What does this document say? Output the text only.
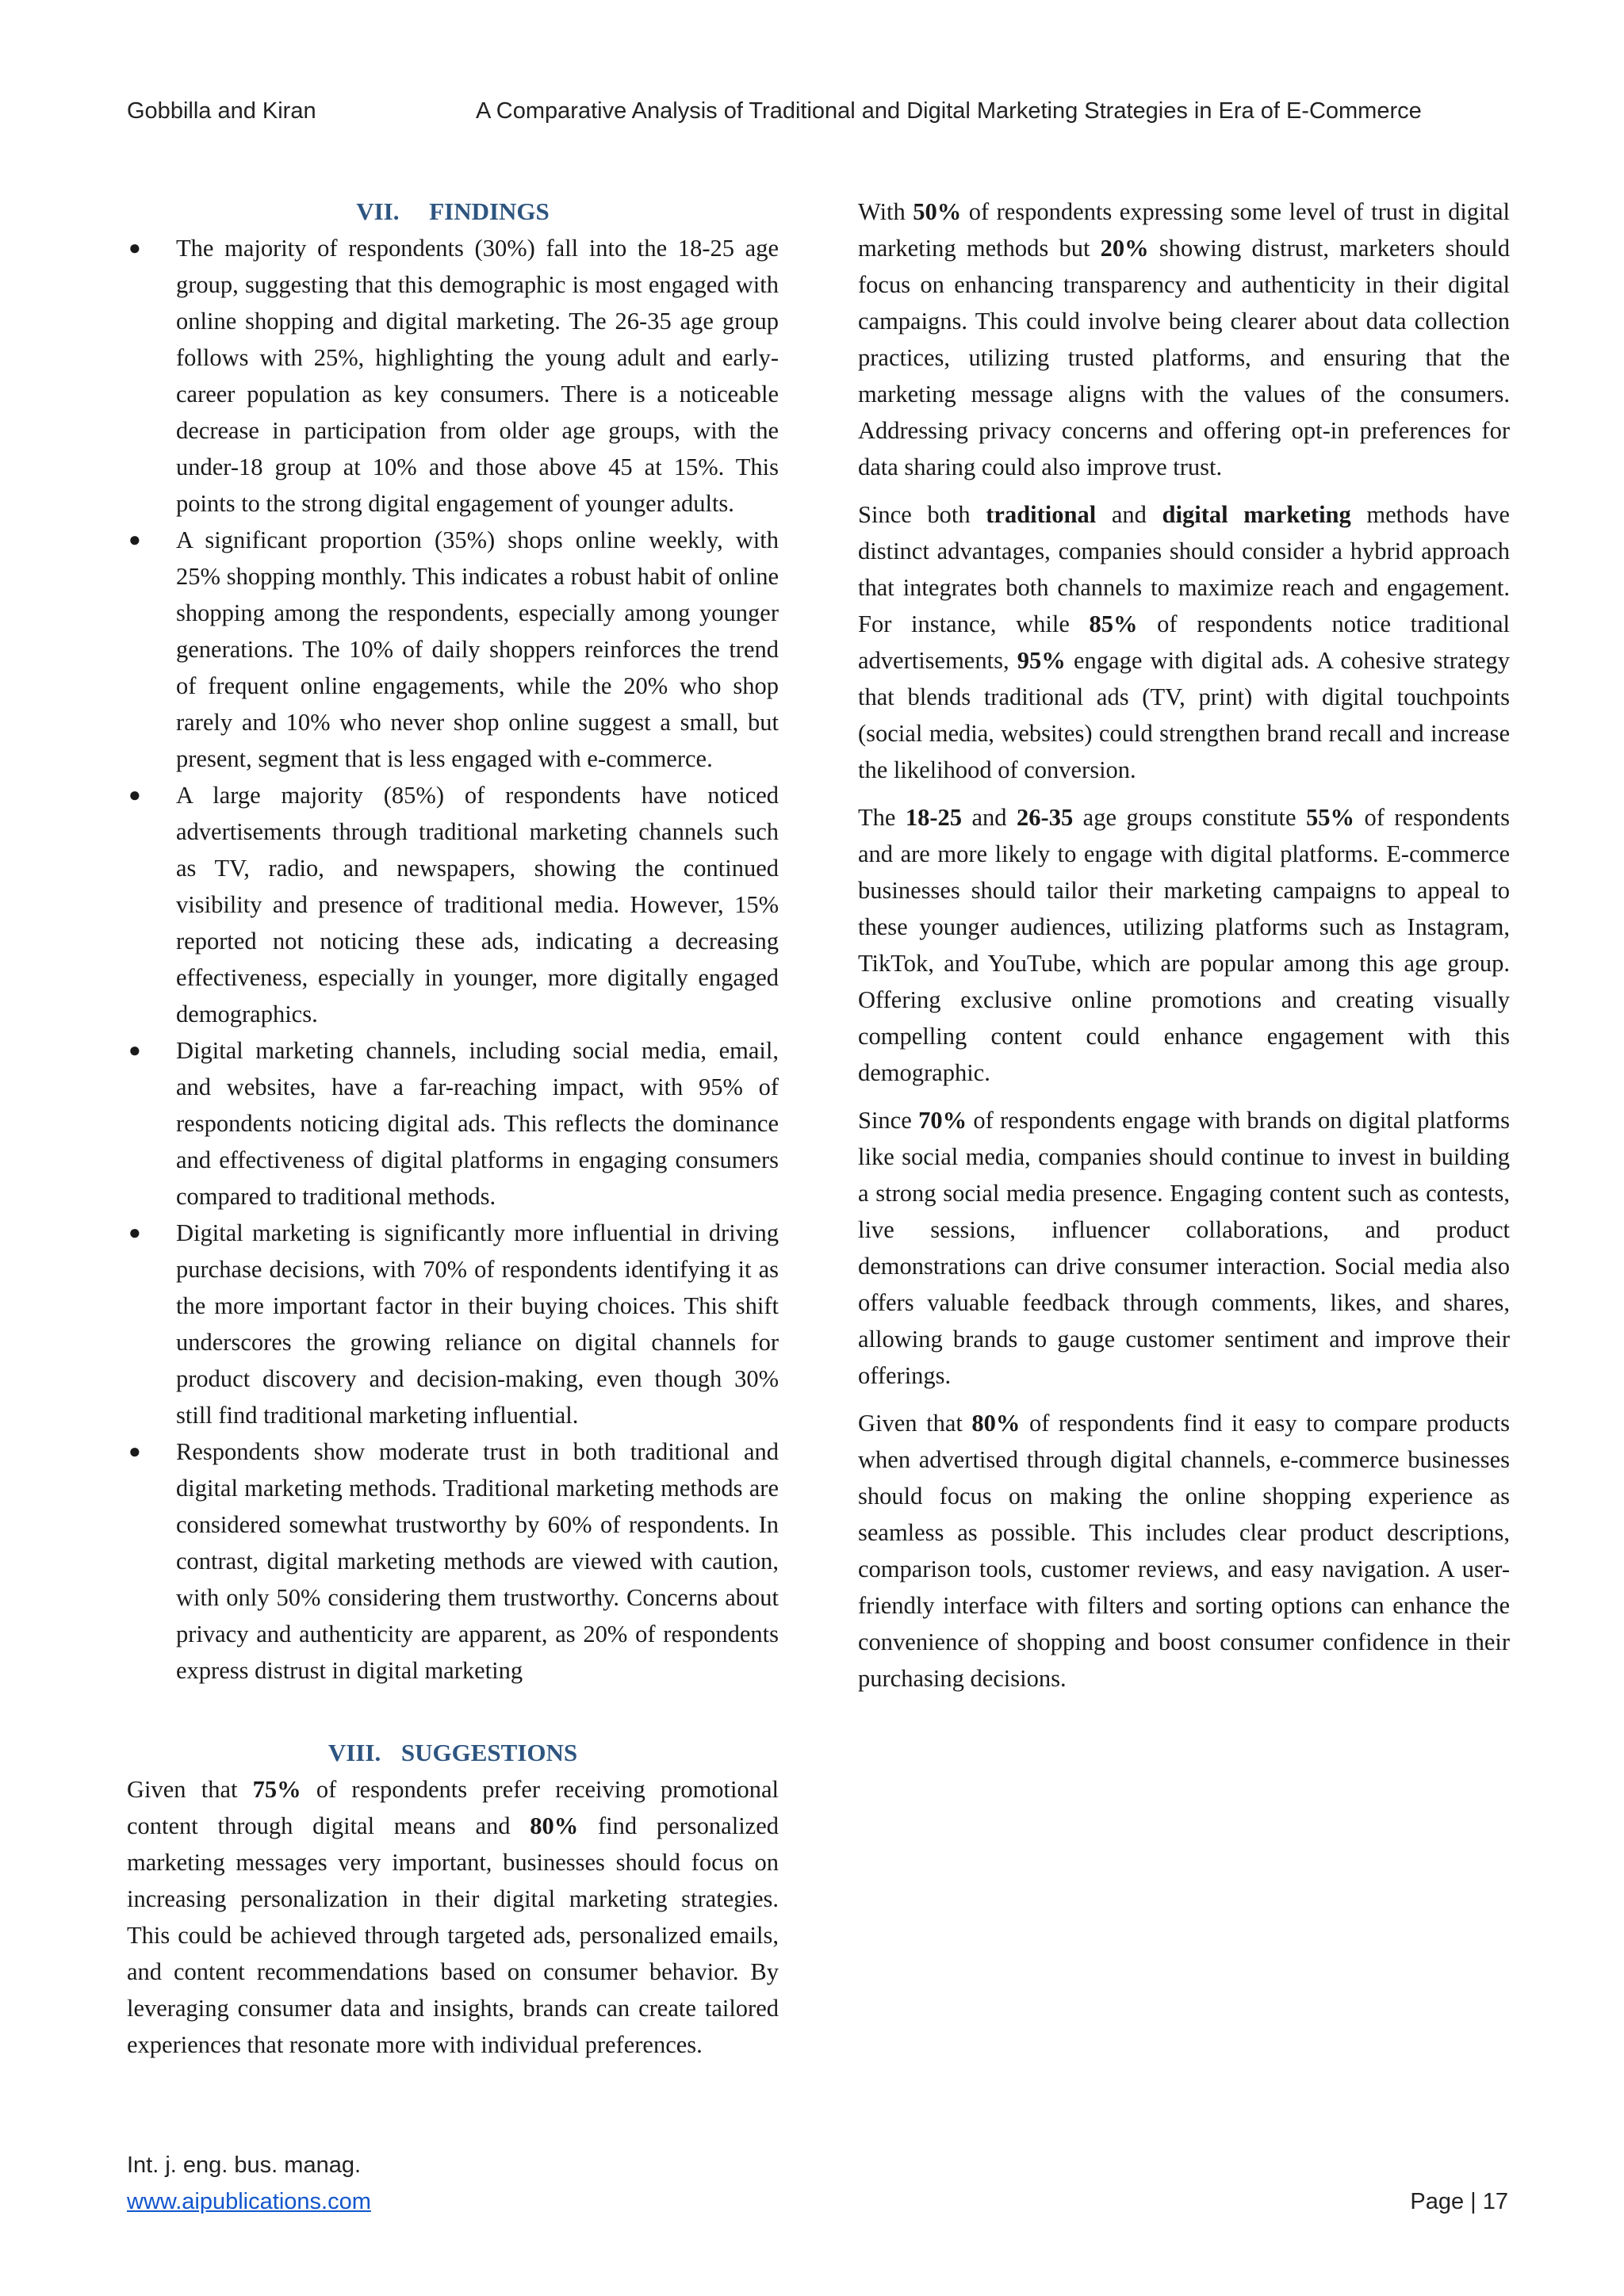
Gobbilla and Kiran	A Comparative Analysis of Traditional and Digital Marketing Strategies in Era of E-Commerce
VII. FINDINGS
● The majority of respondents (30%) fall into the 18-25 age group, suggesting that this demographic is most engaged with online shopping and digital marketing. The 26-35 age group follows with 25%, highlighting the young adult and early-career population as key consumers. There is a noticeable decrease in participation from older age groups, with the under-18 group at 10% and those above 45 at 15%. This points to the strong digital engagement of younger adults.
● A significant proportion (35%) shops online weekly, with 25% shopping monthly. This indicates a robust habit of online shopping among the respondents, especially among younger generations. The 10% of daily shoppers reinforces the trend of frequent online engagements, while the 20% who shop rarely and 10% who never shop online suggest a small, but present, segment that is less engaged with e-commerce.
● A large majority (85%) of respondents have noticed advertisements through traditional marketing channels such as TV, radio, and newspapers, showing the continued visibility and presence of traditional media. However, 15% reported not noticing these ads, indicating a decreasing effectiveness, especially in younger, more digitally engaged demographics.
● Digital marketing channels, including social media, email, and websites, have a far-reaching impact, with 95% of respondents noticing digital ads. This reflects the dominance and effectiveness of digital platforms in engaging consumers compared to traditional methods.
● Digital marketing is significantly more influential in driving purchase decisions, with 70% of respondents identifying it as the more important factor in their buying choices. This shift underscores the growing reliance on digital channels for product discovery and decision-making, even though 30% still find traditional marketing influential.
● Respondents show moderate trust in both traditional and digital marketing methods. Traditional marketing methods are considered somewhat trustworthy by 60% of respondents. In contrast, digital marketing methods are viewed with caution, with only 50% considering them trustworthy. Concerns about privacy and authenticity are apparent, as 20% of respondents express distrust in digital marketing
VIII. SUGGESTIONS

Given that 75% of respondents prefer receiving promotional content through digital means and 80% find personalized marketing messages very important, businesses should focus on increasing personalization in their digital marketing strategies. This could be achieved through targeted ads, personalized emails, and content recommendations based on consumer behavior. By leveraging consumer data and insights, brands can create tailored experiences that resonate more with individual preferences.

With 50% of respondents expressing some level of trust in digital marketing methods but 20% showing distrust, marketers should focus on enhancing transparency and authenticity in their digital campaigns. This could involve being clearer about data collection practices, utilizing trusted platforms, and ensuring that the marketing message aligns with the values of the consumers. Addressing privacy concerns and offering opt-in preferences for data sharing could also improve trust.

Since both traditional and digital marketing methods have distinct advantages, companies should consider a hybrid approach that integrates both channels to maximize reach and engagement. For instance, while 85% of respondents notice traditional advertisements, 95% engage with digital ads. A cohesive strategy that blends traditional ads (TV, print) with digital touchpoints (social media, websites) could strengthen brand recall and increase the likelihood of conversion.

The 18-25 and 26-35 age groups constitute 55% of respondents and are more likely to engage with digital platforms. E-commerce businesses should tailor their marketing campaigns to appeal to these younger audiences, utilizing platforms such as Instagram, TikTok, and YouTube, which are popular among this age group. Offering exclusive online promotions and creating visually compelling content could enhance engagement with this demographic.

Since 70% of respondents engage with brands on digital platforms like social media, companies should continue to invest in building a strong social media presence. Engaging content such as contests, live sessions, influencer collaborations, and product demonstrations can drive consumer interaction. Social media also offers valuable feedback through comments, likes, and shares, allowing brands to gauge customer sentiment and improve their offerings.

Given that 80% of respondents find it easy to compare products when advertised through digital channels, e-commerce businesses should focus on making the online shopping experience as seamless as possible. This includes clear product descriptions, comparison tools, customer reviews, and easy navigation. A user-friendly interface with filters and sorting options can enhance the convenience of shopping and boost consumer confidence in their purchasing decisions.

Int. j. eng. bus. manag.
www.aipublications.com	Page | 17
